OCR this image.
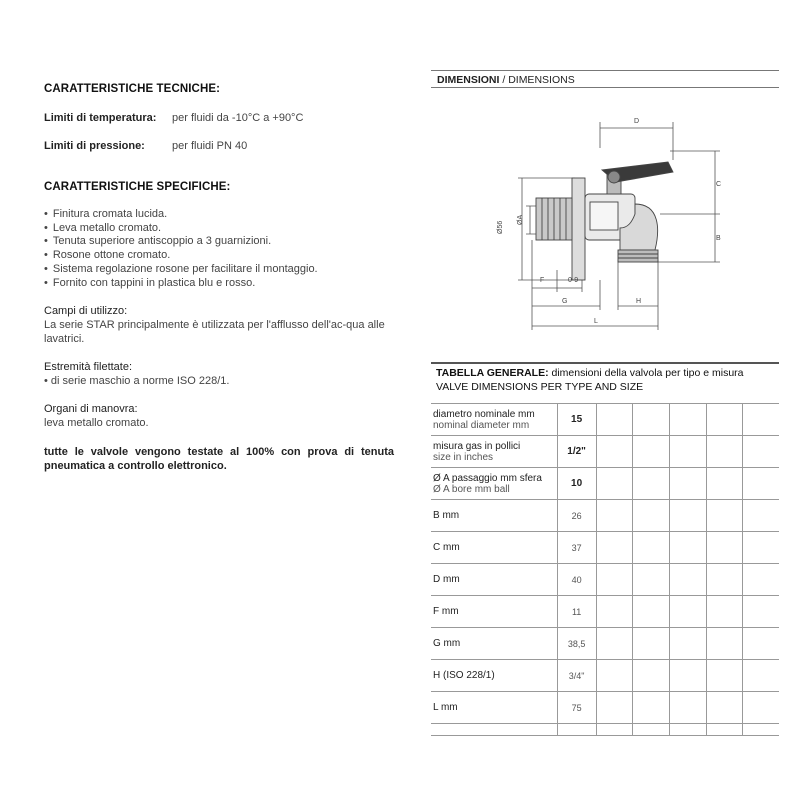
CARATTERISTICHE TECNICHE:
Limiti di temperatura: per fluidi da -10°C a +90°C
Limiti di pressione: per fluidi PN 40
CARATTERISTICHE SPECIFICHE:
• Finitura cromata lucida.
• Leva metallo cromato.
• Tenuta superiore antiscoppio a 3 guarnizioni.
• Rosone ottone cromato.
• Sistema regolazione rosone per facilitare il montaggio.
• Fornito con tappini in plastica blu e rosso.
Campi di utilizzo:
La serie STAR principalmente è utilizzata per l'afflusso dell'ac-qua alle lavatrici.
Estremità filettate:
• di serie maschio a norme ISO 228/1.
Organi di manovra:
leva metallo cromato.
tutte le valvole vengono testate al 100% con prova di tenuta pneumatica a controllo elettronico.
DIMENSIONI / DIMENSIONS
D
C
B
Ø56
ØA
F	0-9
G	H
L
TABELLA GENERALE: dimensioni della valvola per tipo e misura
VALVE DIMENSIONS PER TYPE AND SIZE
diametro nominale mm
nominal diameter mm	15					

misura gas in pollici
size in inches	1/2"					

Ø A passaggio mm sfera
Ø A bore mm ball	10					

B mm	26					

C mm	37					

D mm	40					

F mm	11					

G mm	38,5					

H (ISO 228/1)	3/4"					

L mm	75					
